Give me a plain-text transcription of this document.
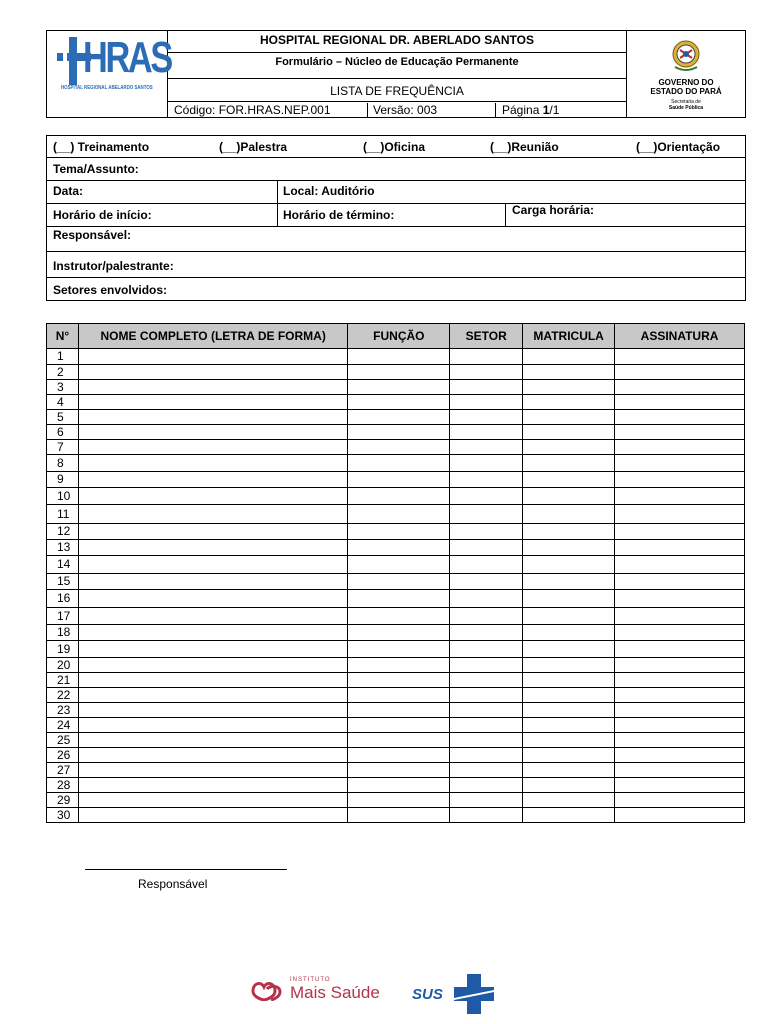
HRAS
HOSPITAL REGIONAL ABELARDO SANTOS
HOSPITAL REGIONAL DR. ABERLADO SANTOS
Formulário – Núcleo de Educação Permanente
LISTA DE FREQUÊNCIA
Código: FOR.HRAS.NEP.001	Versão: 003	Página 1/1
GOVERNO DO
ESTADO DO PARÁ
Secretaria de
Saúde Pública
(__) Treinamento	(__)Palestra	(__)Oficina	(__)Reunião	(__)Orientação
Tema/Assunto:
Data:	Local: Auditório
Horário de início:	Horário de término:	Carga horária:
Responsável:
Instrutor/palestrante:
Setores envolvidos:
N°	NOME COMPLETO (LETRA DE FORMA)	FUNÇÃO	SETOR	MATRICULA	ASSINATURA
1					
2					
3					
4					
5					
6					
7					
8					
9					
10					
11					
12					
13					
14					
15					
16					
17					
18					
19					
20					
21					
22					
23					
24					
25					
26					
27					
28					
29					
30					
Responsável
INSTITUTO
Mais Saúde SUS
